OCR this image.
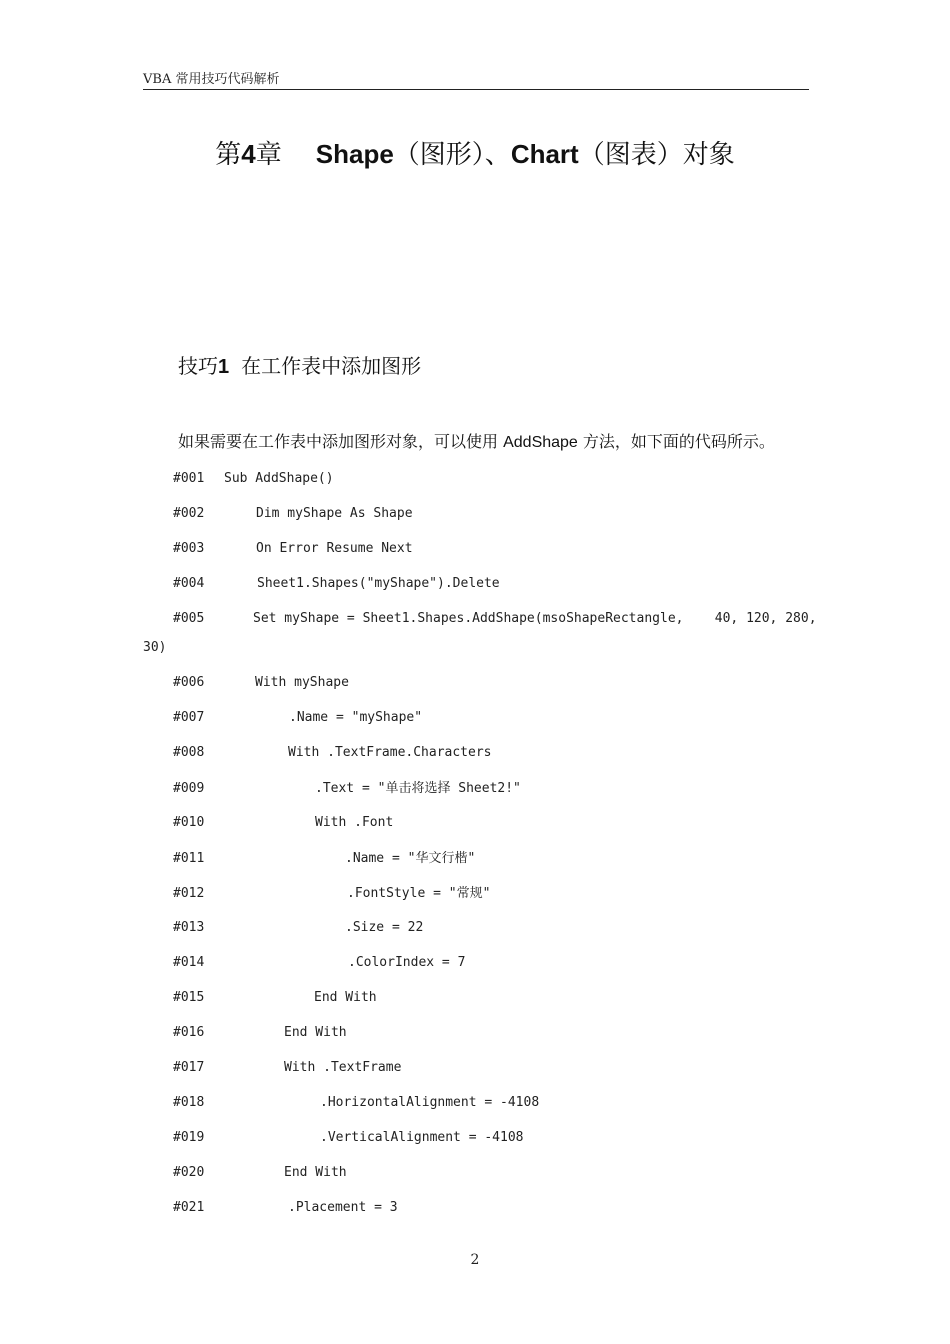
VBA 常用技巧代码解析
第4章 Shape（图形）、Chart（图表）对象
技巧1 在工作表中添加图形
如果需要在工作表中添加图形对象，可以使用 AddShape 方法，如下面的代码所示。
#001 Sub AddShape()
#002	Dim myShape As Shape
#003	On Error Resume Next
#004	Sheet1.Shapes("myShape").Delete
#005	Set myShape = Sheet1.Shapes.AddShape(msoShapeRectangle,    40, 120, 280,
#006	With myShape
#007	.Name = "myShape"
#008	With .TextFrame.Characters
#009	.Text = "单击将选择 Sheet2!"
#010	With .Font
#011	.Name = "华文行楷"
#012	.FontStyle = "常规"
#013	.Size = 22
#014	.ColorIndex = 7
#015	End With
#016	End With
#017	With .TextFrame
#018	.HorizontalAlignment = -4108
#019	.VerticalAlignment = -4108
#020	End With
#021	.Placement = 3
30)
2
